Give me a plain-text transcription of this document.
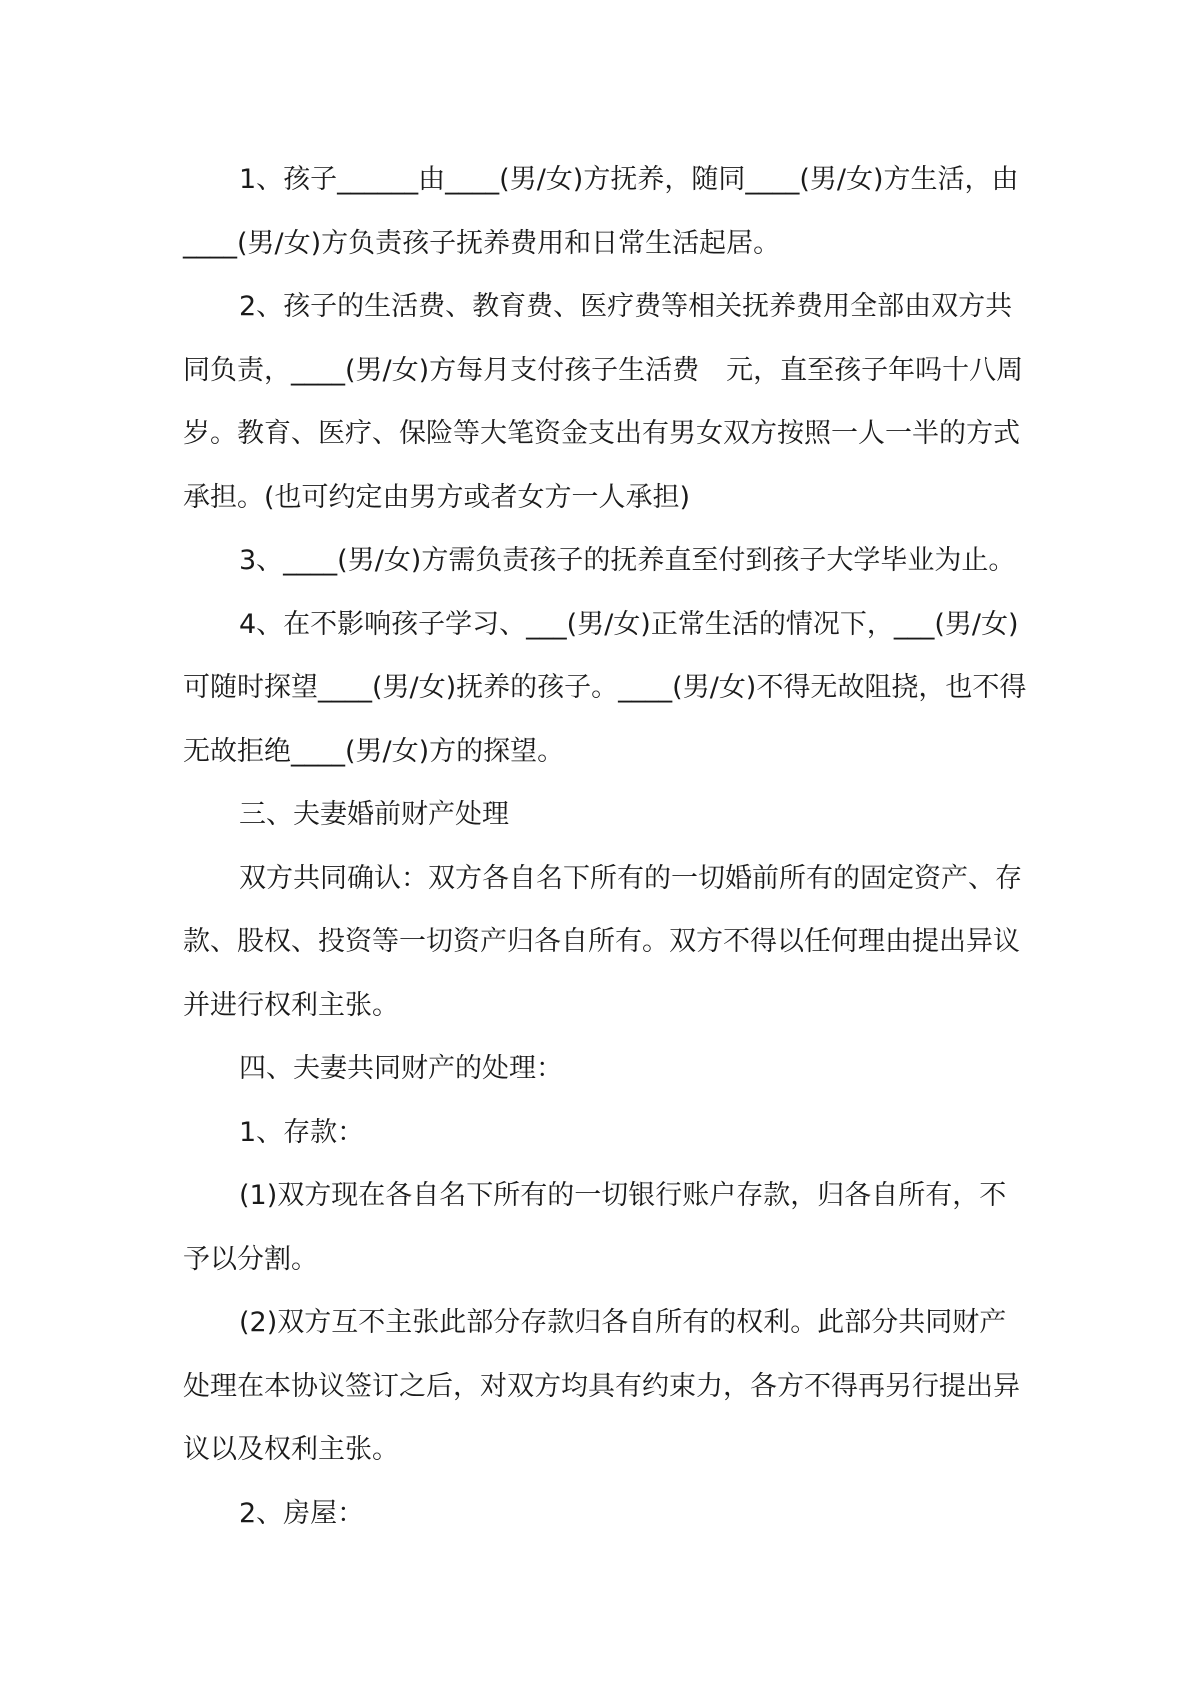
1、孩子______由____(男/女)方抚养，随同____(男/女)方生活，由____(男/女)方负责孩子抚养费用和日常生活起居。

2、孩子的生活费、教育费、医疗费等相关抚养费用全部由双方共同负责，____(男/女)方每月支付孩子生活费　元，直至孩子年吗十八周岁。教育、医疗、保险等大笔资金支出有男女双方按照一人一半的方式承担。(也可约定由男方或者女方一人承担)

3、____(男/女)方需负责孩子的抚养直至付到孩子大学毕业为止。

4、在不影响孩子学习、___(男/女)正常生活的情况下，___(男/女)可随时探望____(男/女)抚养的孩子。____(男/女)不得无故阻挠，也不得无故拒绝____(男/女)方的探望。

三、夫妻婚前财产处理

双方共同确认：双方各自名下所有的一切婚前所有的固定资产、存款、股权、投资等一切资产归各自所有。双方不得以任何理由提出异议并进行权利主张。

四、夫妻共同财产的处理：

1、存款：

(1)双方现在各自名下所有的一切银行账户存款，归各自所有，不予以分割。

(2)双方互不主张此部分存款归各自所有的权利。此部分共同财产处理在本协议签订之后，对双方均具有约束力，各方不得再另行提出异议以及权利主张。

2、房屋：
